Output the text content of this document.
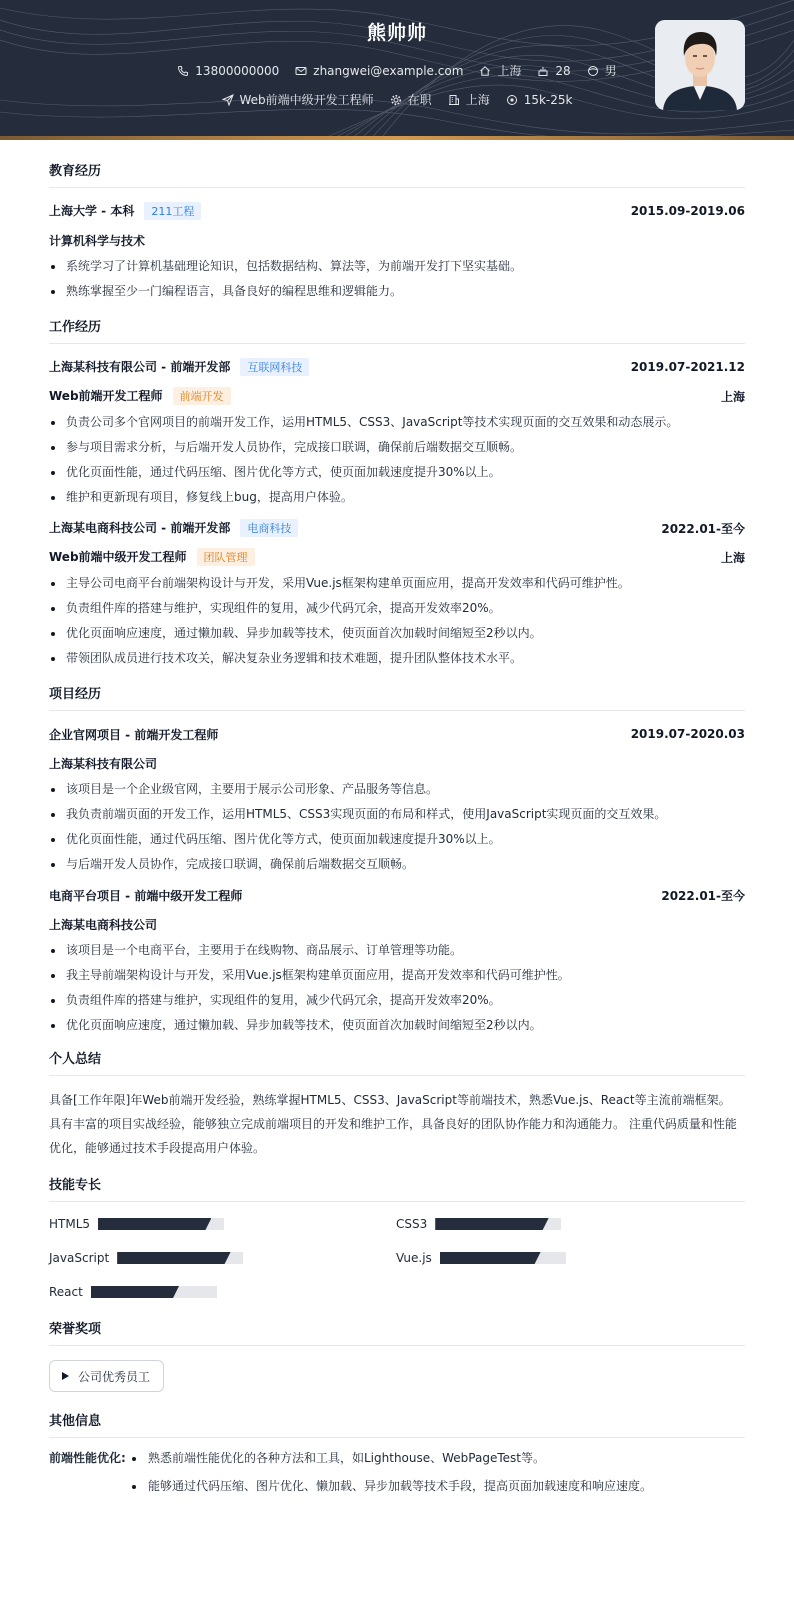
熊帅帅
13800000000	zhangwei@example.com	上海	28	男
Web前端中级开发工程师	在职	上海	15k-25k
教育经历
上海大学 - 本科 211工程	2015.09-2019.06
计算机科学与技术
系统学习了计算机基础理论知识，包括数据结构、算法等，为前端开发打下坚实基础。
熟练掌握至少一门编程语言，具备良好的编程思维和逻辑能力。
工作经历
上海某科技有限公司 - 前端开发部 互联网科技	2019.07-2021.12
Web前端开发工程师 前端开发	上海
负责公司多个官网项目的前端开发工作，运用HTML5、CSS3、JavaScript等技术实现页面的交互效果和动态展示。
参与项目需求分析，与后端开发人员协作，完成接口联调，确保前后端数据交互顺畅。
优化页面性能，通过代码压缩、图片优化等方式，使页面加载速度提升30%以上。
维护和更新现有项目，修复线上bug，提高用户体验。
上海某电商科技公司 - 前端开发部 电商科技	2022.01-至今
Web前端中级开发工程师 团队管理	上海
主导公司电商平台前端架构设计与开发，采用Vue.js框架构建单页面应用，提高开发效率和代码可维护性。
负责组件库的搭建与维护，实现组件的复用，减少代码冗余，提高开发效率20%。
优化页面响应速度，通过懒加载、异步加载等技术，使页面首次加载时间缩短至2秒以内。
带领团队成员进行技术攻关，解决复杂业务逻辑和技术难题，提升团队整体技术水平。
项目经历
企业官网项目 - 前端开发工程师	2019.07-2020.03
上海某科技有限公司
该项目是一个企业级官网，主要用于展示公司形象、产品服务等信息。
我负责前端页面的开发工作，运用HTML5、CSS3实现页面的布局和样式，使用JavaScript实现页面的交互效果。
优化页面性能，通过代码压缩、图片优化等方式，使页面加载速度提升30%以上。
与后端开发人员协作，完成接口联调，确保前后端数据交互顺畅。
电商平台项目 - 前端中级开发工程师	2022.01-至今
上海某电商科技公司
该项目是一个电商平台，主要用于在线购物、商品展示、订单管理等功能。
我主导前端架构设计与开发，采用Vue.js框架构建单页面应用，提高开发效率和代码可维护性。
负责组件库的搭建与维护，实现组件的复用，减少代码冗余，提高开发效率20%。
优化页面响应速度，通过懒加载、异步加载等技术，使页面首次加载时间缩短至2秒以内。
个人总结
具备[工作年限]年Web前端开发经验，熟练掌握HTML5、CSS3、JavaScript等前端技术，熟悉Vue.js、React等主流前端框架。 具有丰富的项目实战经验，能够独立完成前端项目的开发和维护工作，具备良好的团队协作能力和沟通能力。 注重代码质量和性能优化，能够通过技术手段提高用户体验。
技能专长
HTML5	CSS3
JavaScript	Vue.js
React
荣誉奖项
公司优秀员工
其他信息
前端性能优化:	熟悉前端性能优化的各种方法和工具，如Lighthouse、WebPageTest等。
能够通过代码压缩、图片优化、懒加载、异步加载等技术手段，提高页面加载速度和响应速度。
